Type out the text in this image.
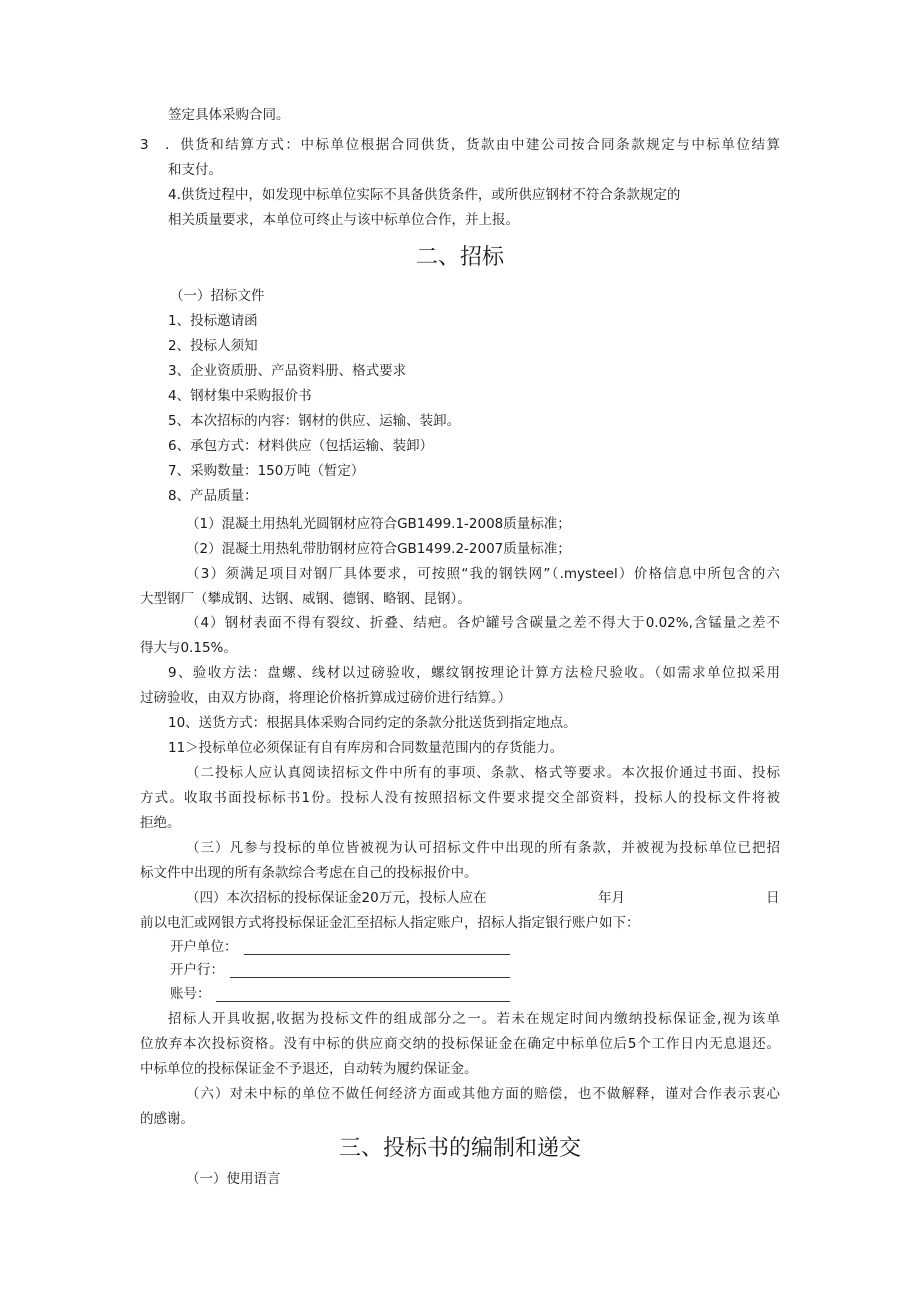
签定具体采购合同。

3　．供货和结算方式：中标单位根据合同供货，货款由中建公司按合同条款规定与中标单位结算

和支付。

4.供货过程中，如发现中标单位实际不具备供货条件，或所供应钢材不符合条款规定的

相关质量要求，本单位可终止与该中标单位合作，并上报。

二、招标

（一）招标文件

1、投标邀请函

2、投标人须知

3、企业资质册、产品资料册、格式要求

4、钢材集中采购报价书

5、本次招标的内容：钢材的供应、运输、装卸。

6、承包方式：材料供应（包括运输、装卸）

7、采购数量：150万吨（暂定）

8、产品质量：

（1）混凝土用热轧光圆钢材应符合GB1499.1-2008质量标准；

（2）混凝土用热轧带肋钢材应符合GB1499.2-2007质量标准；

（3）须满足项目对钢厂具体要求，可按照“我的钢铁网”（.mysteel）价格信息中所包含的六

大型钢厂（攀成钢、达钢、威钢、德钢、略钢、昆钢）。

（4）钢材表面不得有裂纹、折叠、结疤。各炉罐号含碳量之差不得大于0.02%,含锰量之差不

得大与0.15%。

9、验收方法：盘螺、线材以过磅验收，螺纹钢按理论计算方法检尺验收。（如需求单位拟采用

过磅验收，由双方协商，将理论价格折算成过磅价进行结算。）

10、送货方式：根据具体采购合同约定的条款分批送货到指定地点。

11＞投标单位必须保证有自有库房和合同数量范围内的存货能力。

（二投标人应认真阅读招标文件中所有的事项、条款、格式等要求。本次报价通过书面、投标

方式。收取书面投标标书1份。投标人没有按照招标文件要求提交全部资料，投标人的投标文件将被

拒绝。

（三）凡参与投标的单位皆被视为认可招标文件中出现的所有条款，并被视为投标单位已把招

标文件中出现的所有条款综合考虑在自己的投标报价中。

（四）本次招标的投标保证金20万元，投标人应在	年月	日

前以电汇或网银方式将投标保证金汇至招标人指定账户，招标人指定银行账户如下：

开户单位：

开户行：

账号：

招标人开具收据,收据为投标文件的组成部分之一。若未在规定时间内缴纳投标保证金,视为该单

位放弃本次投标资格。没有中标的供应商交纳的投标保证金在确定中标单位后5个工作日内无息退还。

中标单位的投标保证金不予退还，自动转为履约保证金。

（六）对未中标的单位不做任何经济方面或其他方面的赔偿，也不做解释，谨对合作表示衷心

的感谢。

三、投标书的编制和递交

（一）使用语言
